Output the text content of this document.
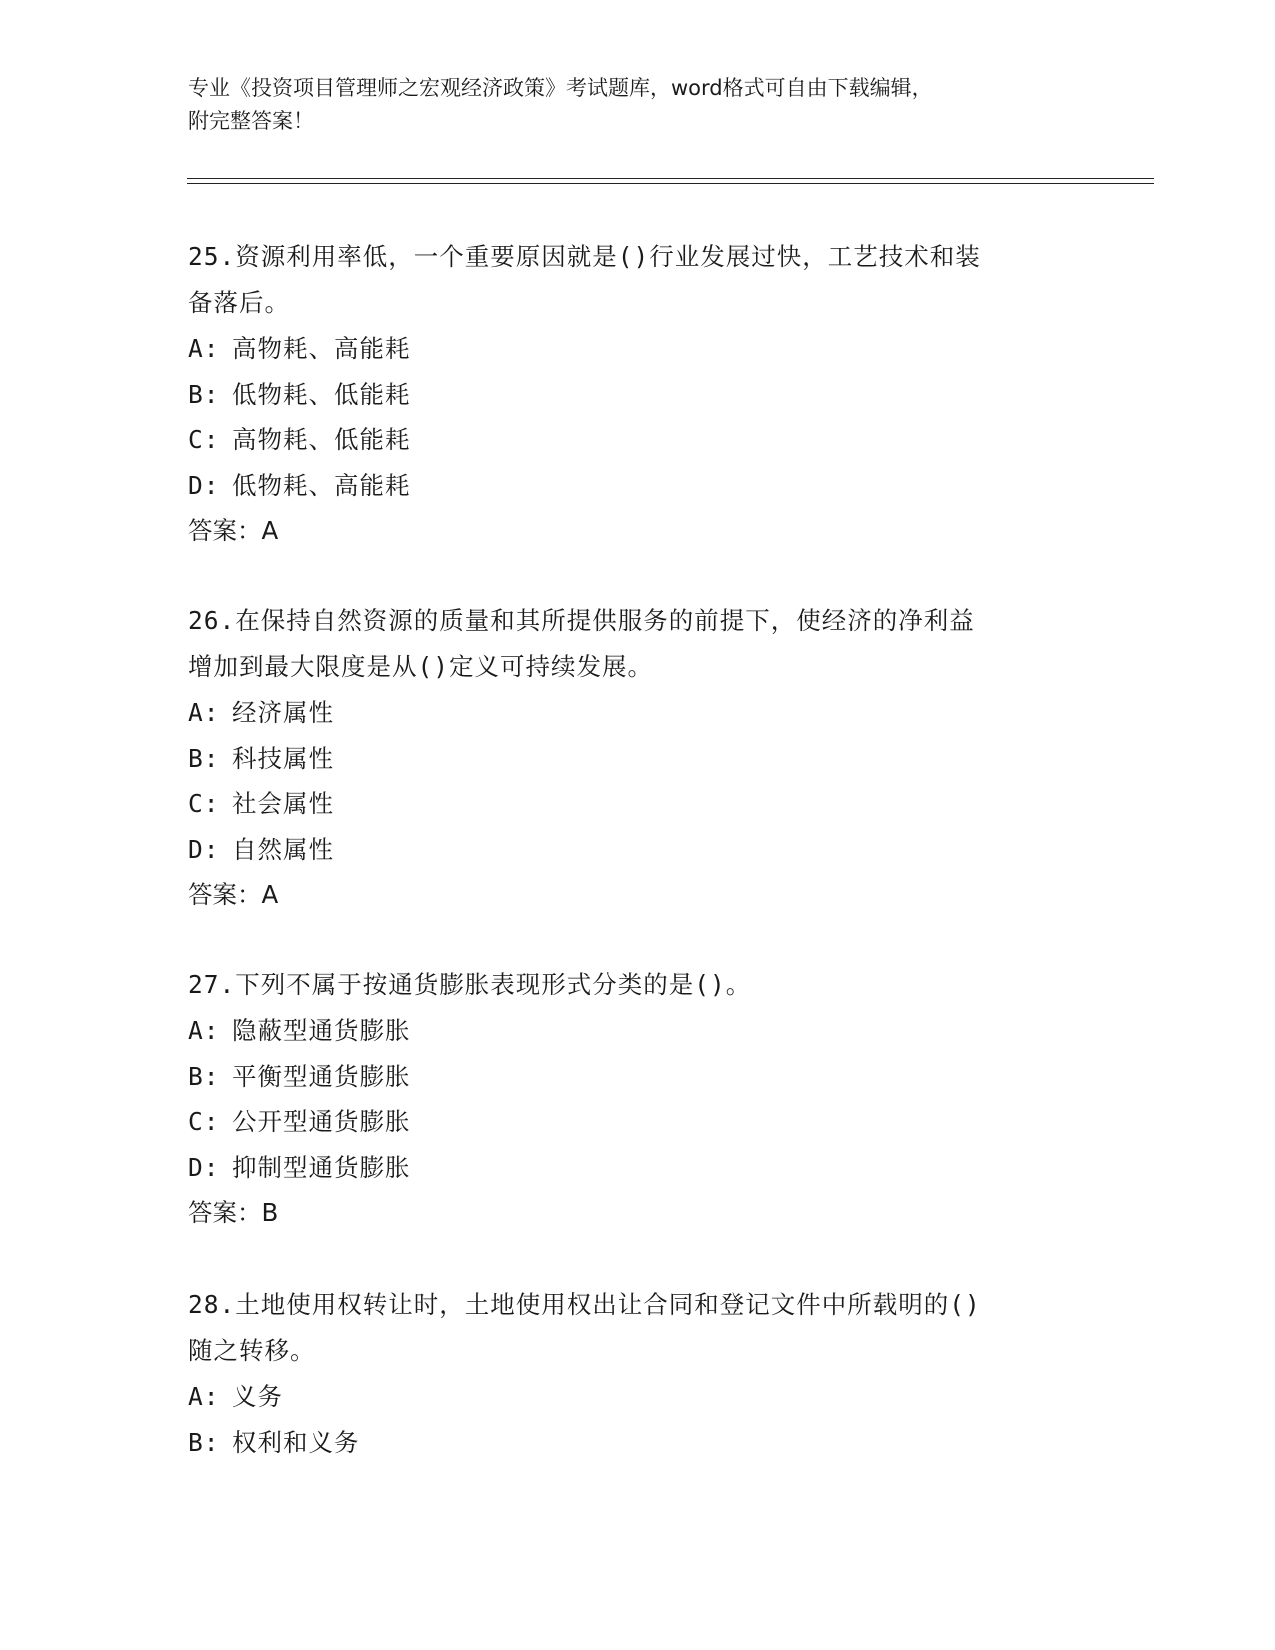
专业《投资项目管理师之宏观经济政策》考试题库，word格式可自由下载编辑，
附完整答案！
25.资源利用率低，一个重要原因就是()行业发展过快，工艺技术和装
备落后。
A: 高物耗、高能耗
B: 低物耗、低能耗
C: 高物耗、低能耗
D: 低物耗、高能耗
答案：A
26.在保持自然资源的质量和其所提供服务的前提下，使经济的净利益
增加到最大限度是从()定义可持续发展。
A: 经济属性
B: 科技属性
C: 社会属性
D: 自然属性
答案：A
27.下列不属于按通货膨胀表现形式分类的是()。
A: 隐蔽型通货膨胀
B: 平衡型通货膨胀
C: 公开型通货膨胀
D: 抑制型通货膨胀
答案：B
28.土地使用权转让时，土地使用权出让合同和登记文件中所载明的()
随之转移。
A: 义务
B: 权利和义务
